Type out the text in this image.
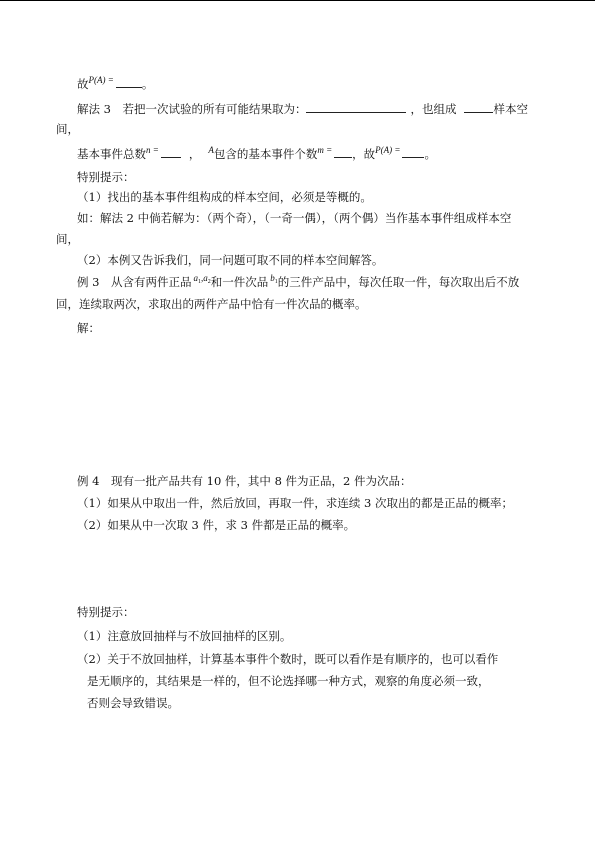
故$^{P(A) =}$ 。
解法 3　若把一次试验的所有可能结果取为：	，也组成	样本空
间，
基本事件总数$^{n =}$	， $^A$包含的基本事件个数$^{m =}$ ，故$^{P(A) =}$ 。
特别提示：
（1）找出的基本事件组构成的样本空间，必须是等概的。
如：解法 2 中倘若解为：（两个奇），（一奇一偶），（两个偶）当作基本事件组成样本空
间，
（2）本例又告诉我们，同一问题可取不同的样本空间解答。
例 3　从含有两件正品 $^{a_1,a_2}$和一件次品 $^{b_1}$的三件产品中，每次任取一件，每次取出后不放
回，连续取两次，求取出的两件产品中恰有一件次品的概率。
解：
例 4　现有一批产品共有 10 件，其中 8 件为正品，2 件为次品：
（1）如果从中取出一件，然后放回，再取一件，求连续 3 次取出的都是正品的概率；
（2）如果从中一次取 3 件，求 3 件都是正品的概率。
特别提示：
（1）注意放回抽样与不放回抽样的区别。
（2）关于不放回抽样，计算基本事件个数时，既可以看作是有顺序的，也可以看作
是无顺序的，其结果是一样的，但不论选择哪一种方式，观察的角度必须一致，
否则会导致错误。
